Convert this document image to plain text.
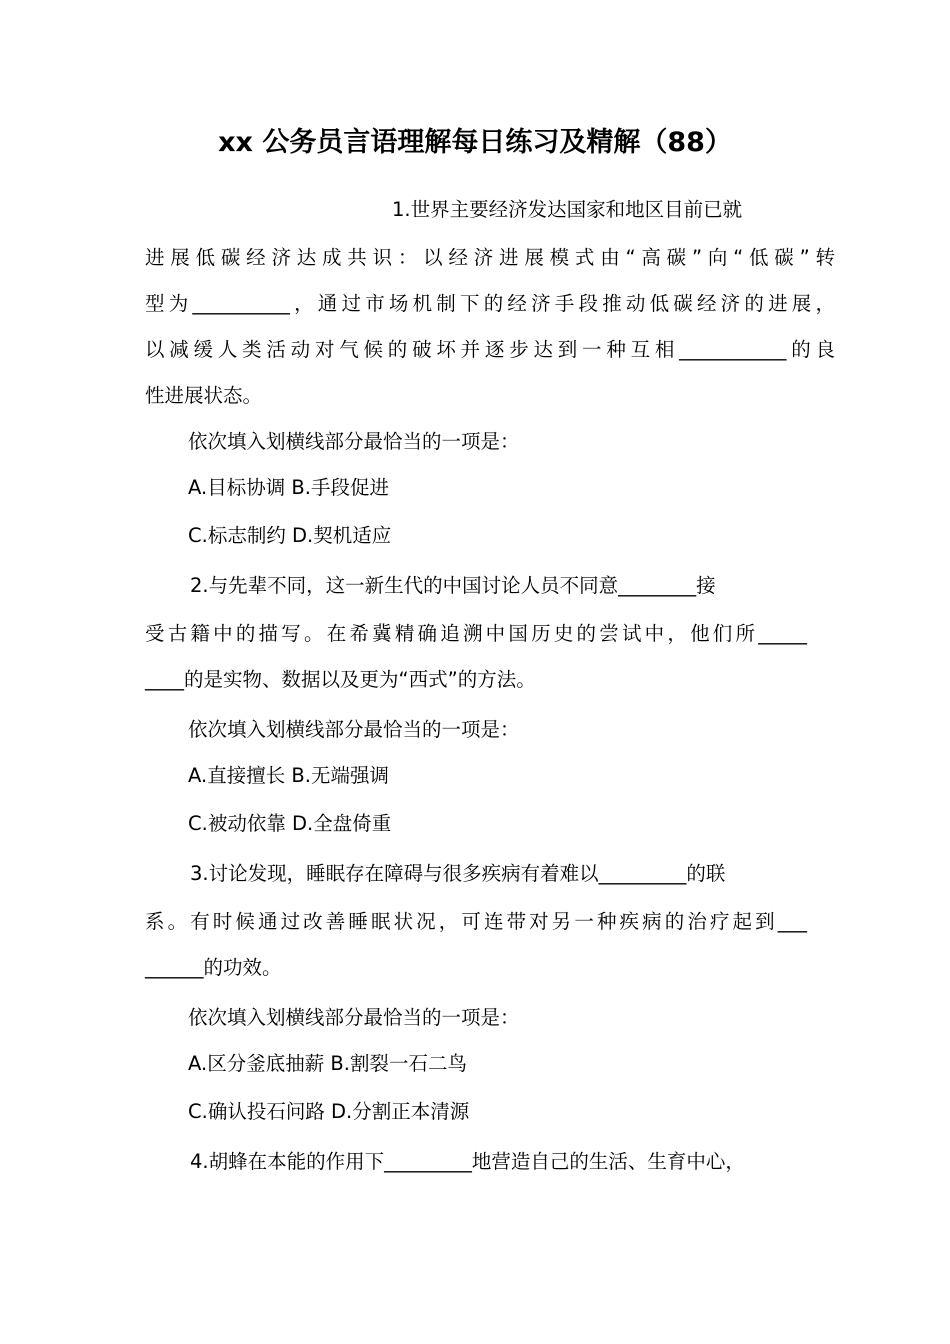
xx 公务员言语理解每日练习及精解（88）
1.世界主要经济发达国家和地区目前已就
进展低碳经济达成共识：以经济进展模式由“高碳”向“低碳”转
型为__________，通过市场机制下的经济手段推动低碳经济的进展，
以减缓人类活动对气候的破坏并逐步达到一种互相___________的良
性进展状态。
依次填入划横线部分最恰当的一项是：
A.目标协调 B.手段促进
C.标志制约 D.契机适应
2.与先辈不同，这一新生代的中国讨论人员不同意________接
受古籍中的描写。在希冀精确追溯中国历史的尝试中，他们所_____
____的是实物、数据以及更为“西式”的方法。
依次填入划横线部分最恰当的一项是：
A.直接擅长 B.无端强调
C.被动依靠 D.全盘倚重
3.讨论发现，睡眠存在障碍与很多疾病有着难以_________的联
系。有时候通过改善睡眠状况，可连带对另一种疾病的治疗起到___
______的功效。
依次填入划横线部分最恰当的一项是：
A.区分釜底抽薪 B.割裂一石二鸟
C.确认投石问路 D.分割正本清源
4.胡蜂在本能的作用下_________地营造自己的生活、生育中心，
